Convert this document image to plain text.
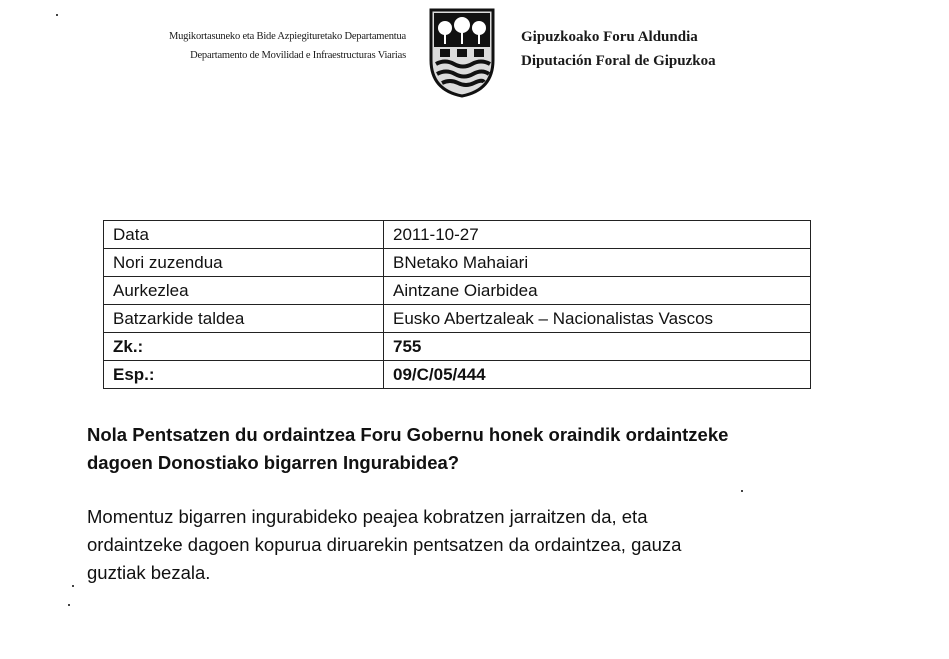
Mugikortasuneko eta Bide Azpiegituretako Departamentua
Departamento de Movilidad e Infraestructuras Viarias
Gipuzkoako Foru Aldundia
Diputación Foral de Gipuzkoa
Data	2011-10-27
Nori zuzendua	BNetako Mahaiari
Aurkezlea	Aintzane Oiarbidea
Batzarkide taldea	Eusko Abertzaleak – Nacionalistas Vascos
Zk.:	755
Esp.:	09/C/05/444
Nola Pentsatzen du ordaintzea Foru Gobernu honek oraindik ordaintzeke
dagoen Donostiako bigarren Ingurabidea?
Momentuz bigarren ingurabideko peajea kobratzen jarraitzen da, eta
ordaintzeke dagoen kopurua diruarekin pentsatzen da ordaintzea, gauza
guztiak bezala.
